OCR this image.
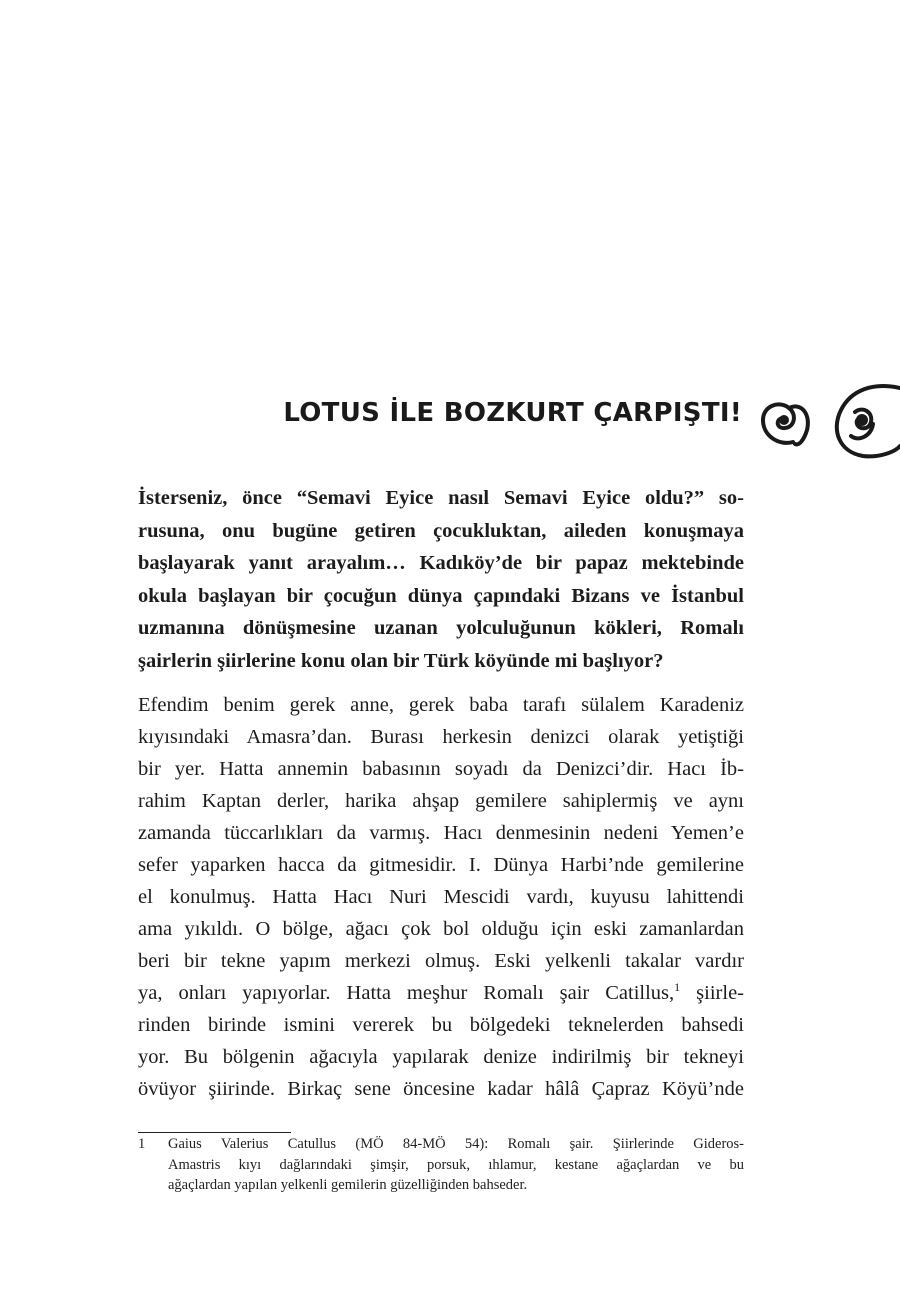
LOTUS İLE BOZKURT ÇARPIŞTI!
İsterseniz, önce “Semavi Eyice nasıl Semavi Eyice oldu?” so-
rusuna, onu bugüne getiren çocukluktan, aileden konuşmaya
başlayarak yanıt arayalım… Kadıköy’de bir papaz mektebinde
okula başlayan bir çocuğun dünya çapındaki Bizans ve İstanbul
uzmanına dönüşmesine uzanan yolculuğunun kökleri, Romalı
şairlerin şiirlerine konu olan bir Türk köyünde mi başlıyor?
Efendim benim gerek anne, gerek baba tarafı sülalem Karadeniz
kıyısındaki Amasra’dan. Burası herkesin denizci olarak yetiştiği
bir yer. Hatta annemin babasının soyadı da Denizci’dir. Hacı İb-
rahim Kaptan derler, harika ahşap gemilere sahiplermiş ve aynı
zamanda tüccarlıkları da varmış. Hacı denmesinin nedeni Yemen’e
sefer yaparken hacca da gitmesidir. I. Dünya Harbi’nde gemilerine
el konulmuş. Hatta Hacı Nuri Mescidi vardı, kuyusu lahittendi
ama yıkıldı. O bölge, ağacı çok bol olduğu için eski zamanlardan
beri bir tekne yapım merkezi olmuş. Eski yelkenli takalar vardır
ya, onları yapıyorlar. Hatta meşhur Romalı şair Catillus,$^1$ şiirle-
rinden birinde ismini vererek bu bölgedeki teknelerden bahsedi
yor. Bu bölgenin ağacıyla yapılarak denize indirilmiş bir tekneyi
övüyor şiirinde. Birkaç sene öncesine kadar hâlâ Çapraz Köyü’nde
1 Gaius Valerius Catullus (MÖ 84-MÖ 54): Romalı şair. Şiirlerinde Gideros-
Amastris kıyı dağlarındaki şimşir, porsuk, ıhlamur, kestane ağaçlardan ve bu
ağaçlardan yapılan yelkenli gemilerin güzelliğinden bahseder.
